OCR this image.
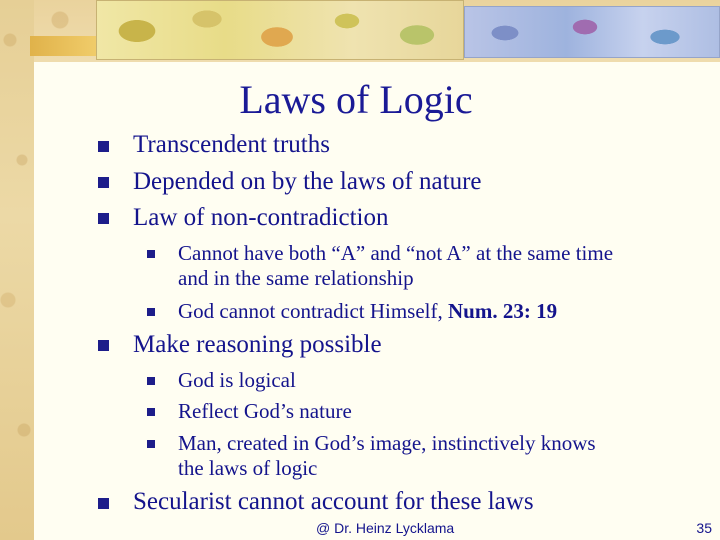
Laws of Logic
Transcendent truths
Depended on by the laws of nature
Law of non-contradiction
Cannot have both “A” and “not A” at the same time
and in the same relationship
God cannot contradict Himself, Num. 23: 19
Make reasoning possible
God is logical
Reflect God’s nature
Man, created in God’s image, instinctively knows
the laws of logic
Secularist cannot account for these laws
@ Dr. Heinz Lycklama	35
